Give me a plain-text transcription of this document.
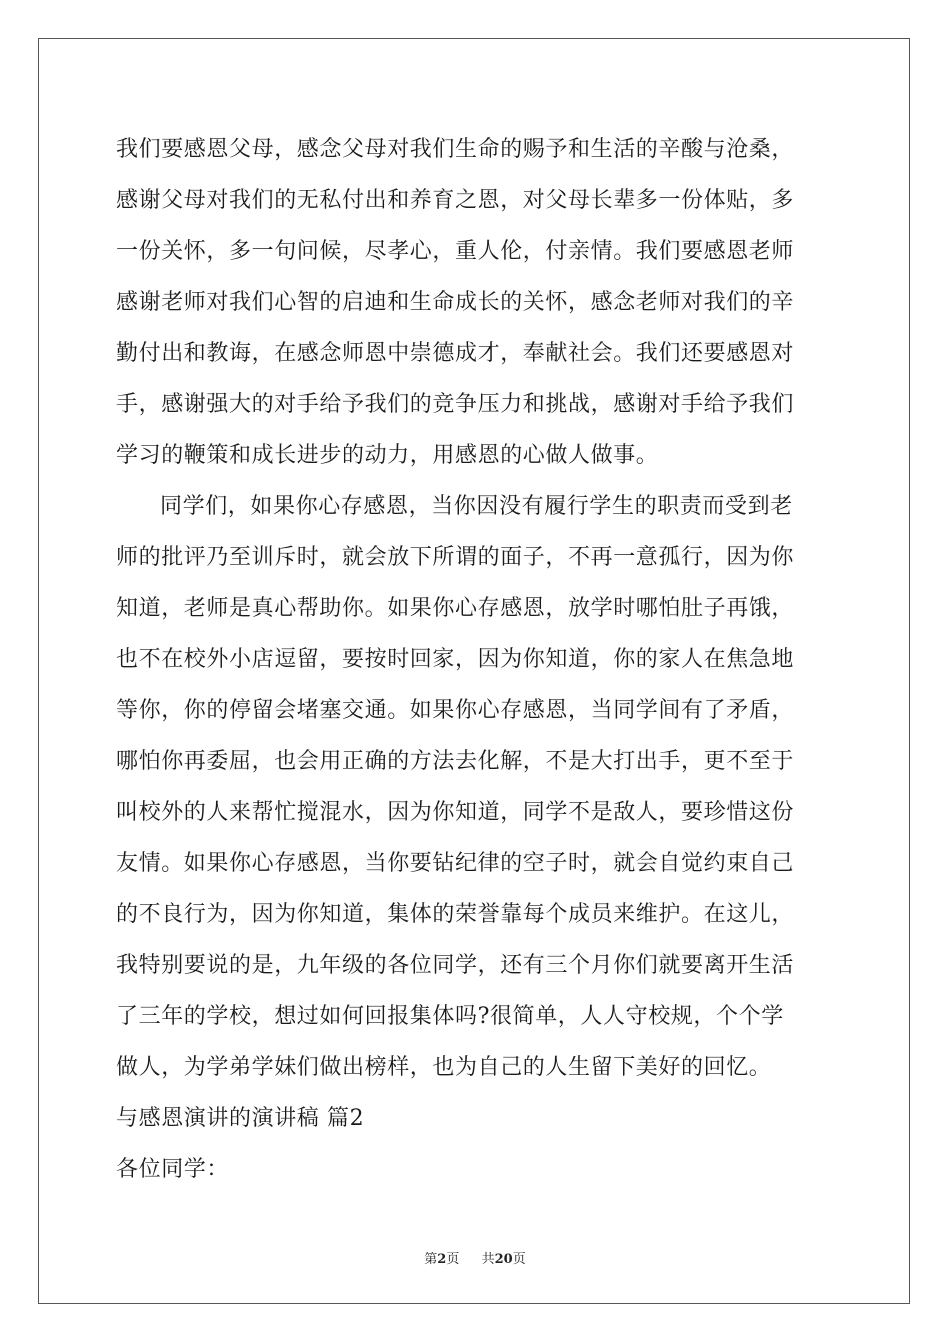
我们要感恩父母，感念父母对我们生命的赐予和生活的辛酸与沧桑，
感谢父母对我们的无私付出和养育之恩，对父母长辈多一份体贴，多
一份关怀，多一句问候，尽孝心，重人伦，付亲情。我们要感恩老师
感谢老师对我们心智的启迪和生命成长的关怀，感念老师对我们的辛
勤付出和教诲，在感念师恩中崇德成才，奉献社会。我们还要感恩对
手，感谢强大的对手给予我们的竞争压力和挑战，感谢对手给予我们
学习的鞭策和成长进步的动力，用感恩的心做人做事。
同学们，如果你心存感恩，当你因没有履行学生的职责而受到老
师的批评乃至训斥时，就会放下所谓的面子，不再一意孤行，因为你
知道，老师是真心帮助你。如果你心存感恩，放学时哪怕肚子再饿，
也不在校外小店逗留，要按时回家，因为你知道，你的家人在焦急地
等你，你的停留会堵塞交通。如果你心存感恩，当同学间有了矛盾，
哪怕你再委屈，也会用正确的方法去化解，不是大打出手，更不至于
叫校外的人来帮忙搅混水，因为你知道，同学不是敌人，要珍惜这份
友情。如果你心存感恩，当你要钻纪律的空子时，就会自觉约束自己
的不良行为，因为你知道，集体的荣誉靠每个成员来维护。在这儿，
我特别要说的是，九年级的各位同学，还有三个月你们就要离开生活
了三年的学校，想过如何回报集体吗?很简单，人人守校规，个个学
做人，为学弟学妹们做出榜样，也为自己的人生留下美好的回忆。
与感恩演讲的演讲稿 篇2
各位同学：
第2页 共20页
